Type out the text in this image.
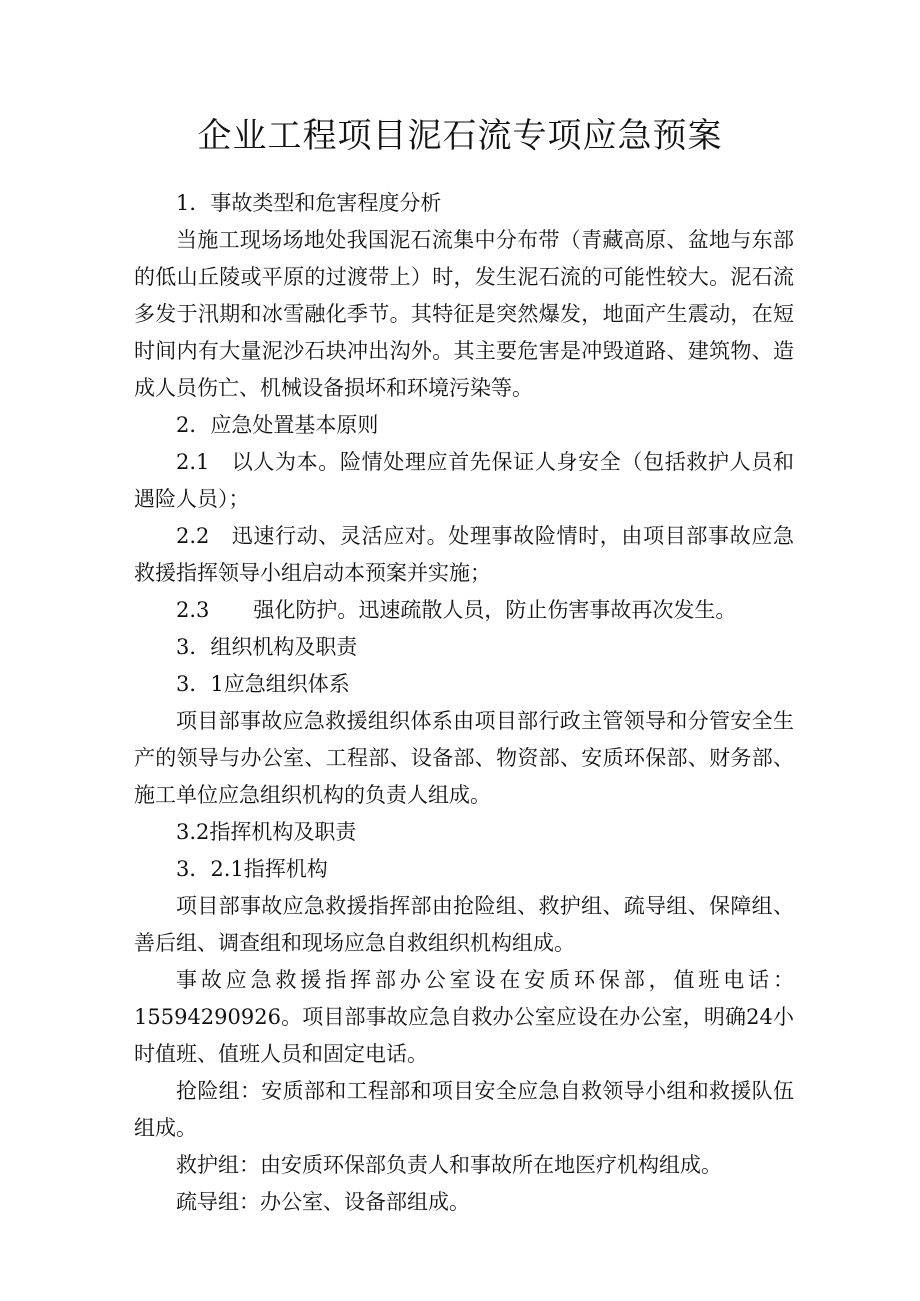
企业工程项目泥石流专项应急预案

1．事故类型和危害程度分析

当施工现场场地处我国泥石流集中分布带（青藏高原、盆地与东部的低山丘陵或平原的过渡带上）时，发生泥石流的可能性较大。泥石流多发于汛期和冰雪融化季节。其特征是突然爆发，地面产生震动，在短时间内有大量泥沙石块冲出沟外。其主要危害是冲毁道路、建筑物、造成人员伤亡、机械设备损坏和环境污染等。

2．应急处置基本原则

2.1　以人为本。险情处理应首先保证人身安全（包括救护人员和遇险人员）；

2.2　迅速行动、灵活应对。处理事故险情时，由项目部事故应急救援指挥领导小组启动本预案并实施；

2.3 强化防护。迅速疏散人员，防止伤害事故再次发生。

3．组织机构及职责

3．1应急组织体系

项目部事故应急救援组织体系由项目部行政主管领导和分管安全生产的领导与办公室、工程部、设备部、物资部、安质环保部、财务部、施工单位应急组织机构的负责人组成。

3.2指挥机构及职责

3．2.1指挥机构

项目部事故应急救援指挥部由抢险组、救护组、疏导组、保障组、善后组、调查组和现场应急自救组织机构组成。

事故应急救援指挥部办公室设在安质环保部，值班电话：15594290926。项目部事故应急自救办公室应设在办公室，明确24小时值班、值班人员和固定电话。

抢险组：安质部和工程部和项目安全应急自救领导小组和救援队伍组成。

救护组：由安质环保部负责人和事故所在地医疗机构组成。

疏导组：办公室、设备部组成。
